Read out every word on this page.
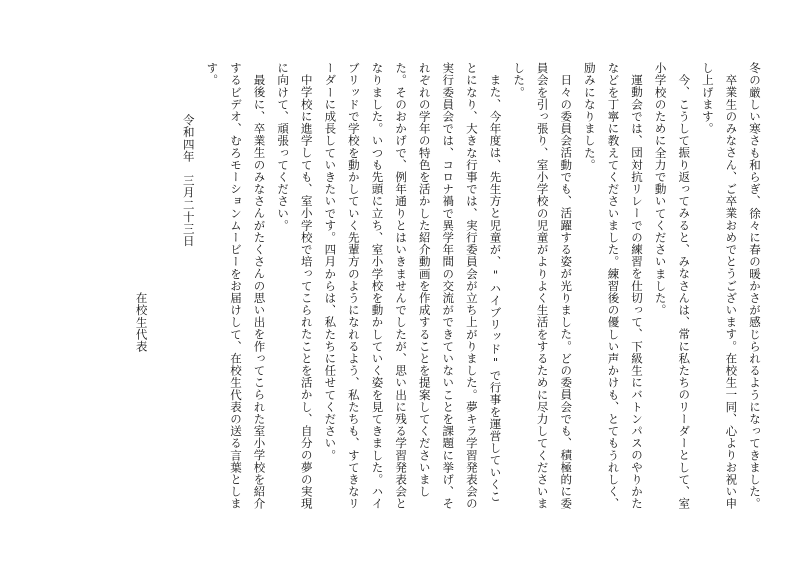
冬の厳しい寒さも和らぎ、徐々に春の暖かさが感じられるようになってきました。

卒業生のみなさん、ご卒業おめでとうございます。在校生一同、心よりお祝い申し上げます。

今、こうして振り返ってみると、みなさんは、常に私たちのリーダーとして、室小学校のために全力で動いてくださいました。

運動会では、団対抗リレーでの練習を仕切って、下級生にバトンパスのやりかたなどを丁寧に教えてくださいました。練習後の優しい声かけも、とてもうれしく、励みになりました。

日々の委員会活動でも、活躍する姿が光りました。どの委員会でも、積極的に委員会を引っ張り、室小学校の児童がよりよく生活をするために尽力してくださいました。

また、今年度は、先生方と児童が、"ハイブリッド"で行事を運営していくことになり、大きな行事では、実行委員会が立ち上がりました。夢キラ学習発表会の実行委員会では、コロナ禍で異学年間の交流ができていないことを課題に挙げ、それぞれの学年の特色を活かした紹介動画を作成することを提案してくださいました。そのおかげで、例年通りとはいきませんでしたが、思い出に残る学習発表会となりました。いつも先頭に立ち、室小学校を動かしていく姿を見てきました。ハイブリッドで学校を動かしていく先輩方のようになれるよう、私たちも、すてきなリーダーに成長していきたいです。四月からは、私たちに任せてください。

中学校に進学しても、室小学校で培ってこられたことを活かし、自分の夢の実現に向けて、頑張ってください。

最後に、卒業生のみなさんがたくさんの思い出を作ってこられた室小学校を紹介するビデオ、むろモーションムービーをお届けして、在校生代表の送る言葉とします。

令和四年　三月二十三日

在校生代表
